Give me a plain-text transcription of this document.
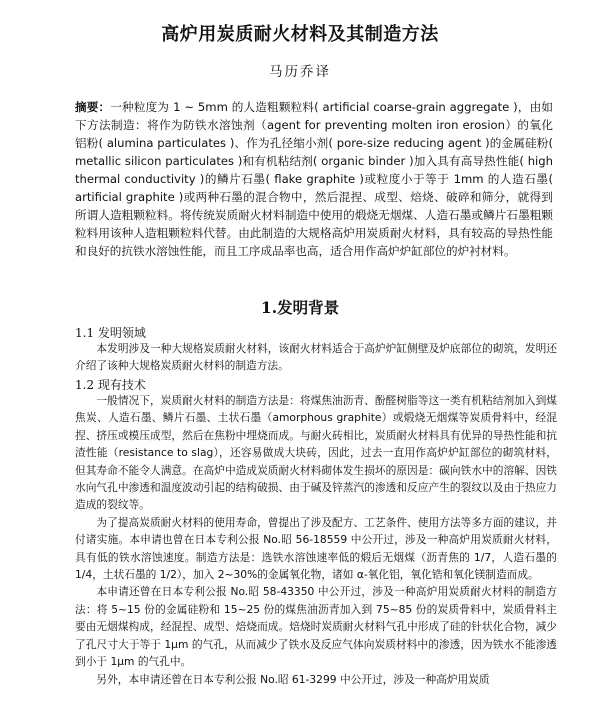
高炉用炭质耐火材料及其制造方法
马历乔译
摘要：一种粒度为 1 ~ 5mm 的人造粗颗粒料( artificial coarse-grain aggregate )，由如下方法制造：将作为防铁水溶蚀剂（agent for preventing molten iron erosion）的氧化铝粉( alumina particulates )、作为孔径缩小剂( pore-size reducing agent )的金属硅粉( metallic silicon particulates )和有机粘结剂( organic binder )加入具有高导热性能( high thermal conductivity )的鳞片石墨( flake graphite )或粒度小于等于 1mm 的人造石墨( artificial graphite )或两种石墨的混合物中，然后混捏、成型、焙烧、破碎和筛分，就得到所谓人造粗颗粒料。将传统炭质耐火材料制造中使用的煅烧无烟煤、人造石墨或鳞片石墨粗颗粒料用该种人造粗颗粒料代替。由此制造的大规格高炉用炭质耐火材料，具有较高的导热性能和良好的抗铁水溶蚀性能，而且工序成品率也高，适合用作高炉炉缸部位的炉衬材料。
1.发明背景
1.1 发明领域

本发明涉及一种大规格炭质耐火材料，该耐火材料适合于高炉炉缸侧壁及炉底部位的砌筑，发明还介绍了该种大规格炭质耐火材料的制造方法。

1.2 现有技术

一般情况下，炭质耐火材料的制造方法是：将煤焦油沥青、酚醛树脂等这一类有机粘结剂加入到煤焦炭、人造石墨、鳞片石墨、土状石墨（amorphous graphite）或煅烧无烟煤等炭质骨料中，经混捏、挤压或模压成型，然后在焦粉中埋烧而成。与耐火砖相比，炭质耐火材料具有优异的导热性能和抗渣性能（resistance to slag），还容易做成大块砖，因此，过去一直用作高炉炉缸部位的砌筑材料，但其寿命不能令人满意。在高炉中造成炭质耐火材料砌体发生损坏的原因是：碳向铁水中的溶解、因铁水向气孔中渗透和温度波动引起的结构破损、由于碱及锌蒸汽的渗透和反应产生的裂纹以及由于热应力造成的裂纹等。

为了提高炭质耐火材料的使用寿命，曾提出了涉及配方、工艺条件、使用方法等多方面的建议，并付诸实施。本申请也曾在日本专利公报 No.昭 56-18559 中公开过，涉及一种高炉用炭质耐火材料，具有低的铁水溶蚀速度。制造方法是：选铁水溶蚀速率低的煅后无烟煤（沥青焦的 1/7，人造石墨的 1/4，土状石墨的 1/2），加入 2~30%的金属氧化物，诸如 α-氧化铝，氧化锆和氧化镁制造而成。

本申请还曾在日本专利公报 No.昭 58-43350 中公开过，涉及一种高炉用炭质耐火材料的制造方法：将 5~15 份的金属硅粉和 15~25 份的煤焦油沥青加入到 75~85 份的炭质骨料中，炭质骨料主要由无烟煤构成，经混捏、成型、焙烧而成。焙烧时炭质耐火材料气孔中形成了硅的针状化合物，减少了孔尺寸大于等于 1μm 的气孔，从而减少了铁水及反应气体向炭质材料中的渗透，因为铁水不能渗透到小于 1μm 的气孔中。

另外，本申请还曾在日本专利公报 No.昭 61-3299 中公开过，涉及一种高炉用炭质
